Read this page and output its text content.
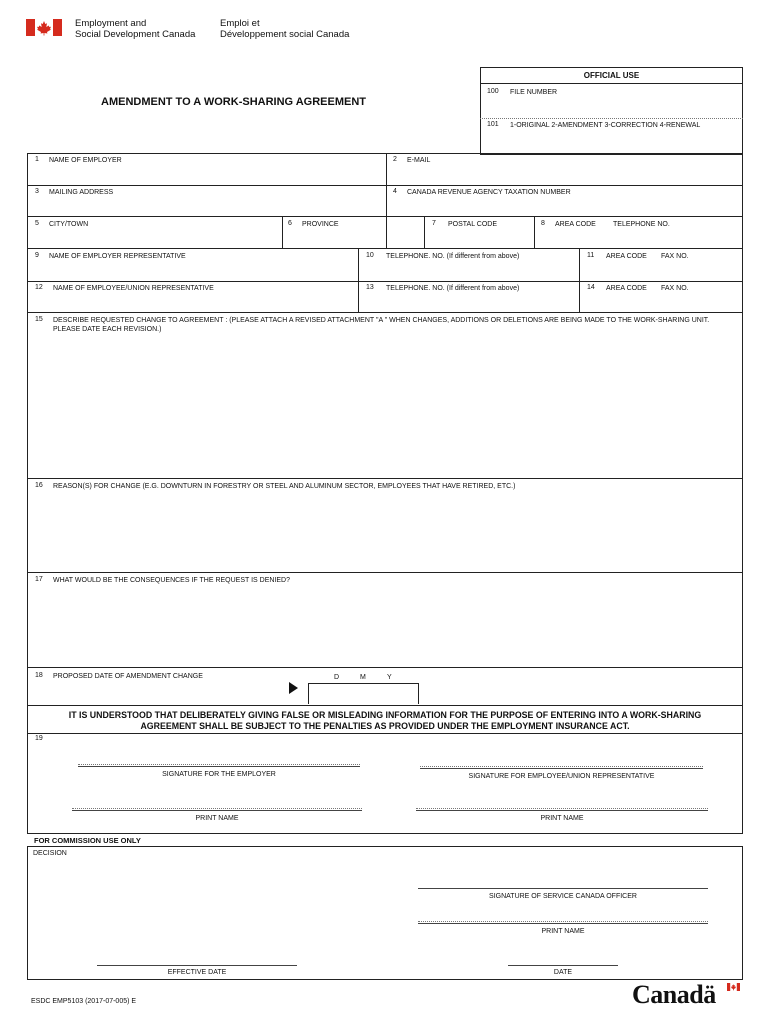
Employment and
Social Development Canada
Emploi et
Développement social Canada
OFFICIAL USE
100 FILE NUMBER
101 1-ORIGINAL 2-AMENDMENT 3-CORRECTION 4-RENEWAL
AMENDMENT TO A WORK-SHARING AGREEMENT
1 NAME OF EMPLOYER	2 E-MAIL
3 MAILING ADDRESS	4 CANADA REVENUE AGENCY TAXATION NUMBER
5 CITY/TOWN	6 PROVINCE	7 POSTAL CODE	8 AREA CODE TELEPHONE NO.
9 NAME OF EMPLOYER REPRESENTATIVE	10 TELEPHONE. NO. (If different from above)	11 AREA CODE FAX NO.
12 NAME OF EMPLOYEE/UNION REPRESENTATIVE	13 TELEPHONE. NO. (If different from above)	14 AREA CODE FAX NO.
15 DESCRIBE REQUESTED CHANGE TO AGREEMENT : (PLEASE ATTACH A REVISED ATTACHMENT "A " WHEN CHANGES, ADDITIONS OR DELETIONS ARE BEING MADE TO THE WORK-SHARING UNIT. PLEASE DATE EACH REVISION.)
16 REASON(S) FOR CHANGE (E.G. DOWNTURN IN FORESTRY OR STEEL AND ALUMINUM SECTOR, EMPLOYEES THAT HAVE RETIRED, ETC.)
17 WHAT WOULD BE THE CONSEQUENCES IF THE REQUEST IS DENIED?
18 PROPOSED DATE OF AMENDMENT CHANGE	D	M	Y
IT IS UNDERSTOOD THAT DELIBERATELY GIVING FALSE OR MISLEADING INFORMATION FOR THE PURPOSE OF ENTERING INTO A WORK-SHARING AGREEMENT SHALL BE SUBJECT TO THE PENALTIES AS PROVIDED UNDER THE EMPLOYMENT INSURANCE ACT.
19
SIGNATURE FOR THE EMPLOYER	SIGNATURE FOR EMPLOYEE/UNION REPRESENTATIVE
PRINT NAME	PRINT NAME
FOR COMMISSION USE ONLY
DECISION
SIGNATURE OF SERVICE CANADA OFFICER
PRINT NAME
EFFECTIVE DATE	DATE
ESDC EMP5103 (2017-07-005) E	Canadä
